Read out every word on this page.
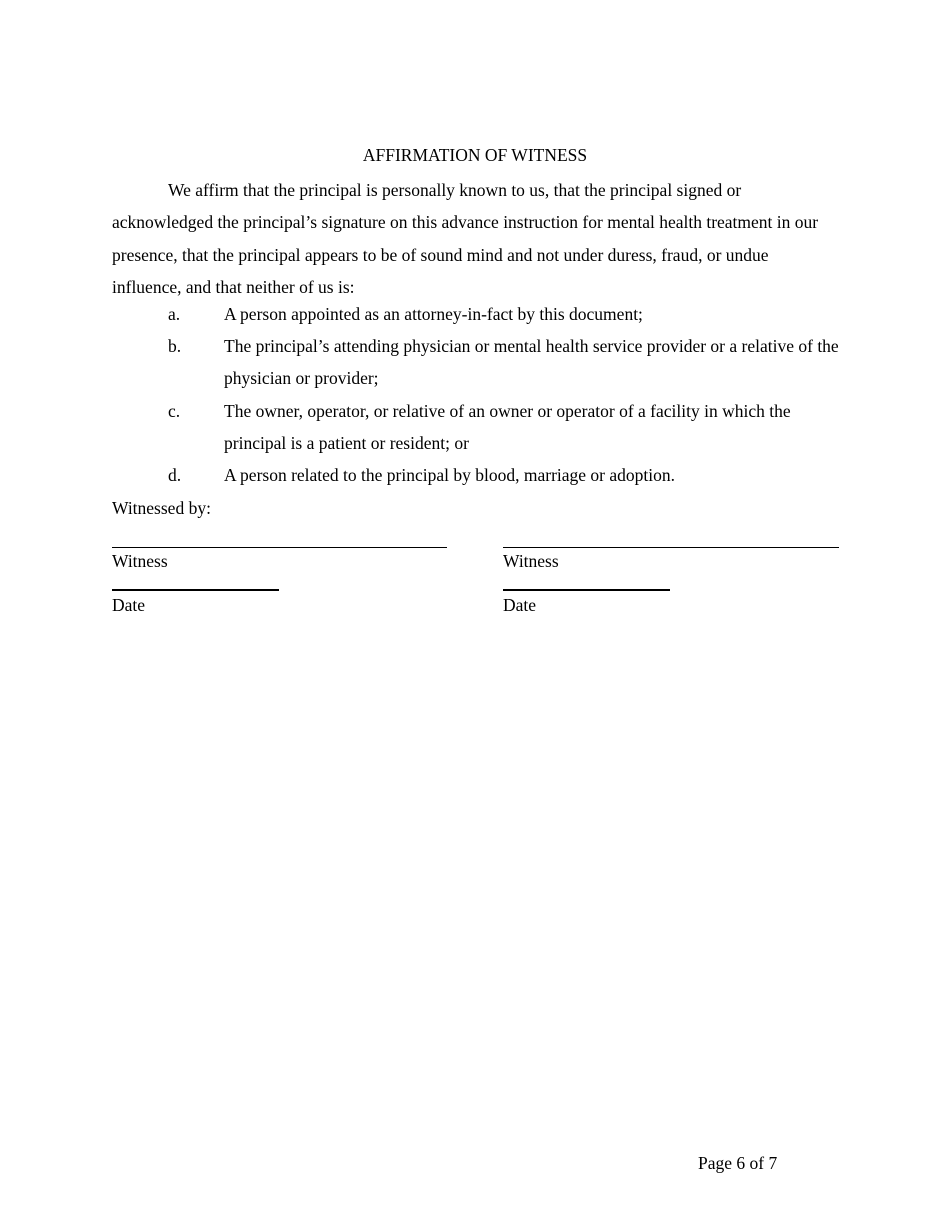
AFFIRMATION OF WITNESS
We affirm that the principal is personally known to us, that the principal signed or acknowledged the principal’s signature on this advance instruction for mental health treatment in our presence, that the principal appears to be of sound mind and not under duress, fraud, or undue influence, and that neither of us is:
a.	A person appointed as an attorney-in-fact by this document;
b. The principal’s attending physician or mental health service provider or a relative of the physician or provider;
c.	The owner, operator, or relative of an owner or operator of a facility in which the principal is a patient or resident; or
d. A person related to the principal by blood, marriage or adoption.
Witnessed by:
Witness	Witness
Date	Date
Page 6 of 7
